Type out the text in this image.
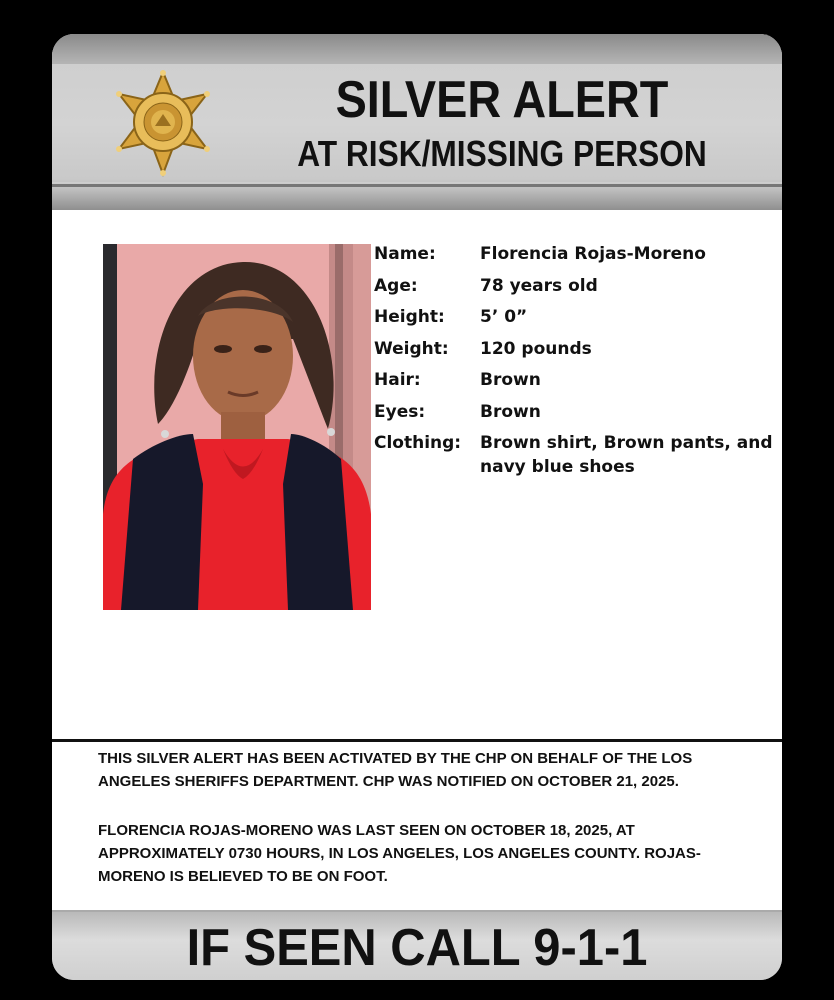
SILVER ALERT
AT RISK/MISSING PERSON
Name:	Florencia Rojas-Moreno
Age:	78 years old
Height:	5’ 0”
Weight:	120 pounds
Hair:	Brown
Eyes:	Brown
Clothing:	Brown shirt, Brown pants, and navy blue shoes
THIS SILVER ALERT HAS BEEN ACTIVATED BY THE CHP ON BEHALF OF THE LOS ANGELES SHERIFFS DEPARTMENT. CHP WAS NOTIFIED ON OCTOBER 21, 2025.
FLORENCIA ROJAS-MORENO WAS LAST SEEN ON OCTOBER 18, 2025, AT APPROXIMATELY 0730 HOURS, IN LOS ANGELES, LOS ANGELES COUNTY. ROJAS-MORENO IS BELIEVED TO BE ON FOOT.
IF SEEN CALL 9-1-1
